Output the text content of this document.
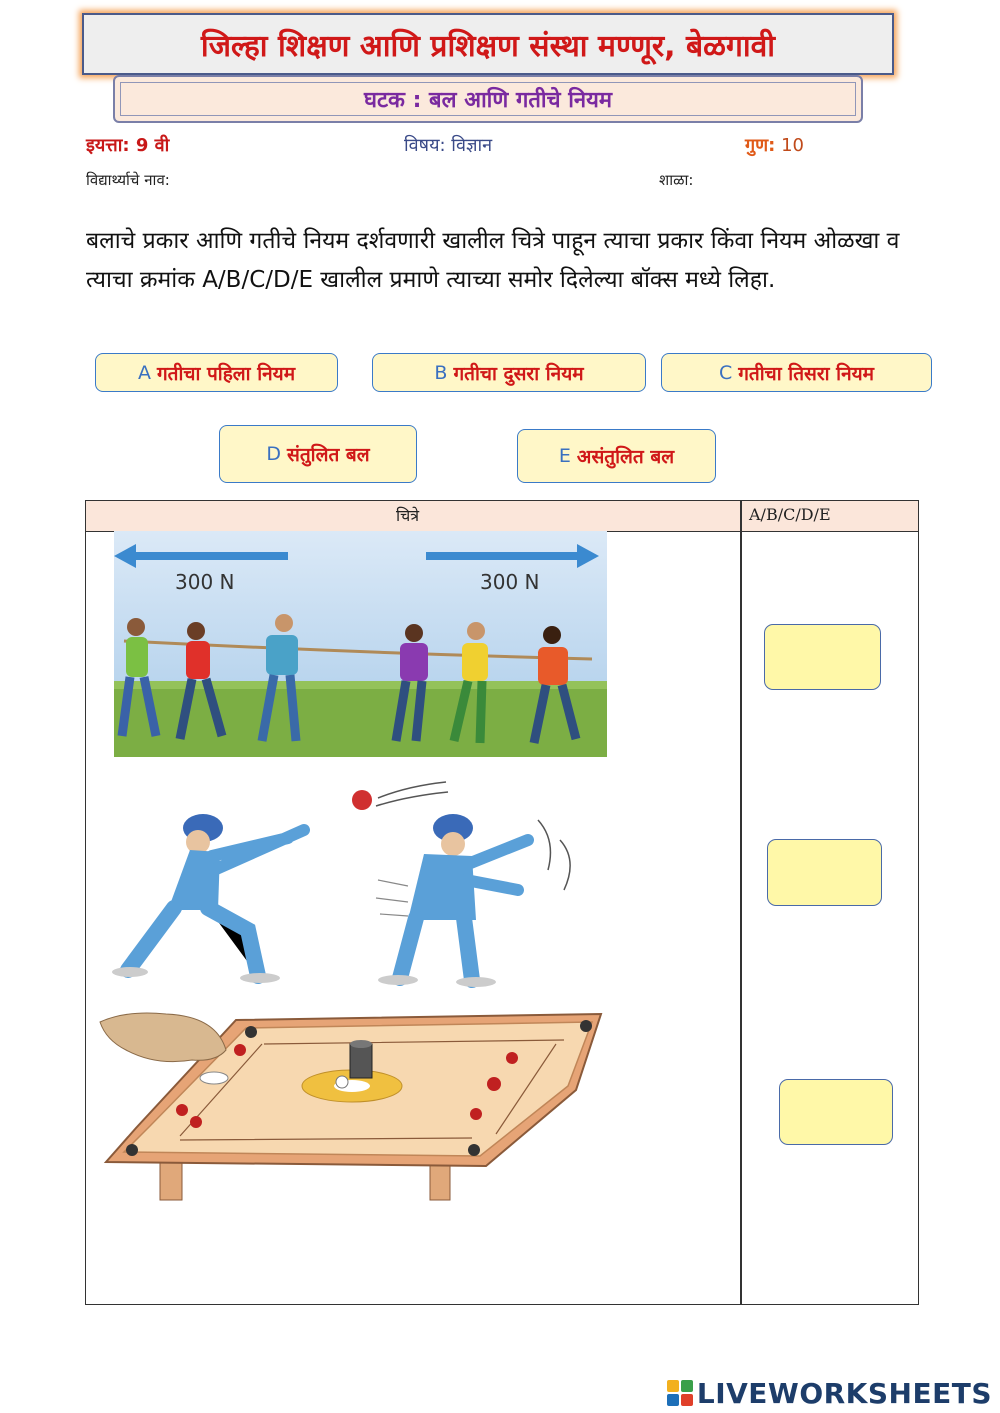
जिल्हा शिक्षण आणि प्रशिक्षण संस्था मण्णूर, बेळगावी
घटक : बल आणि गतीचे नियम
इयत्ता: 9 वी	विषय: विज्ञान	गुण: 10
विद्यार्थ्याचे नाव:	शाळा:
बलाचे प्रकार आणि गतीचे नियम दर्शवणारी खालील चित्रे पाहून त्याचा प्रकार किंवा नियम ओळखा व त्याचा क्रमांक A/B/C/D/E खालील प्रमाणे त्याच्या समोर दिलेल्या बॉक्स मध्ये लिहा.
A गतीचा पहिला नियम	B गतीचा दुसरा नियम	C गतीचा तिसरा नियम
D संतुलित बल	E असंतुलित बल
चित्रे	A/B/C/D/E
300 N	300 N
LIVEWORKSHEETS
